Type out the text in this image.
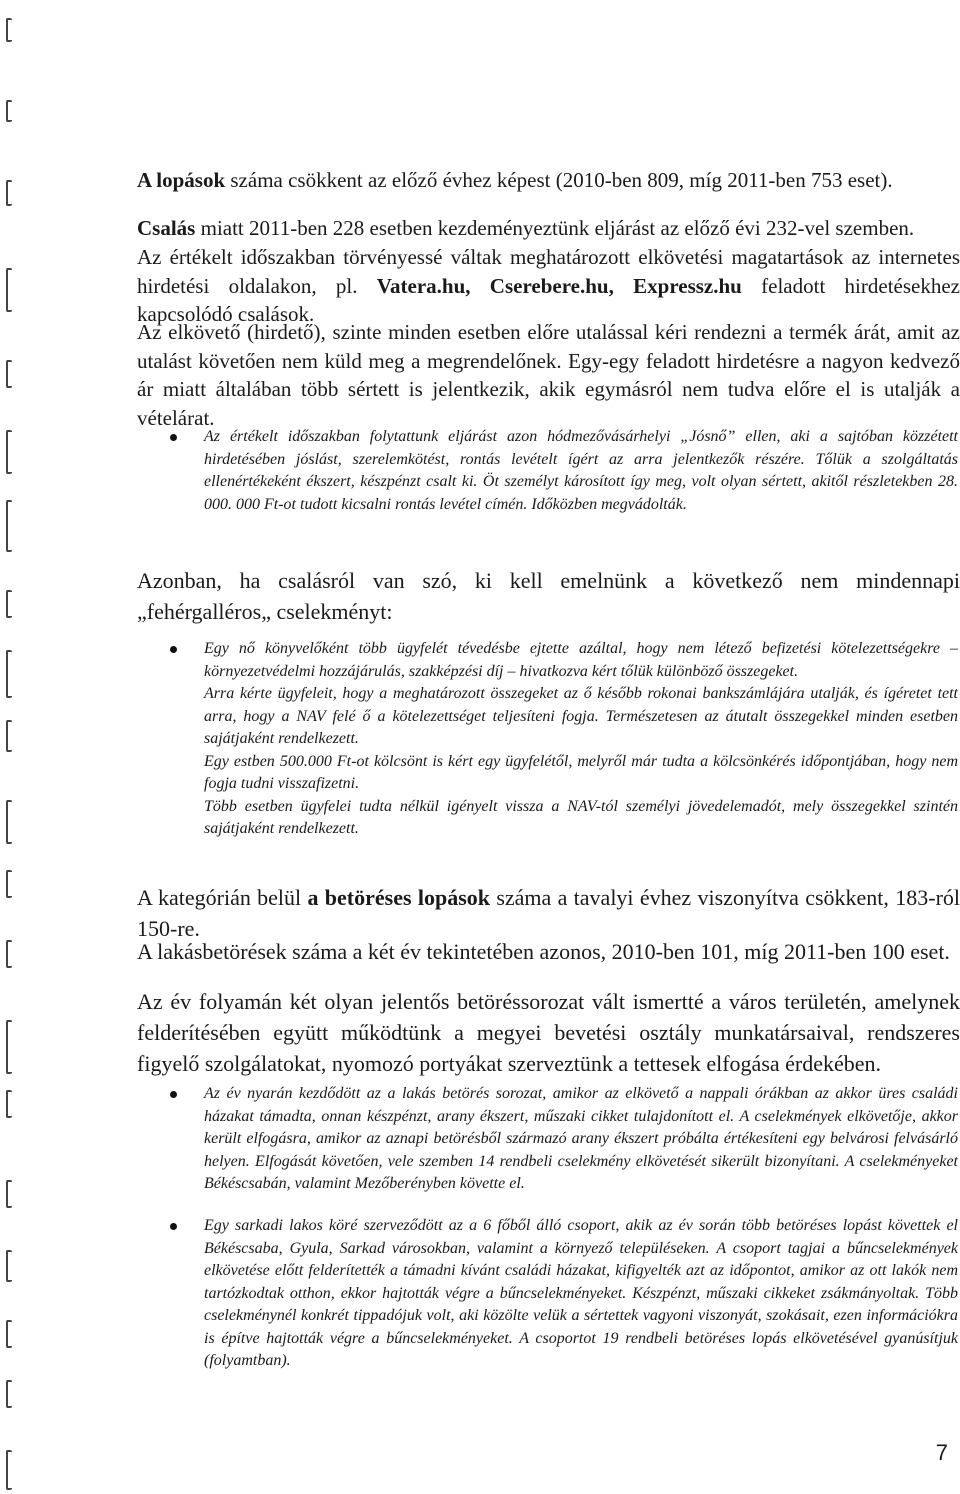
A lopások száma csökkent az előző évhez képest (2010-ben 809, míg 2011-ben 753 eset).

Csalás miatt 2011-ben 228 esetben kezdeményeztünk eljárást az előző évi 232-vel szemben.

Az értékelt időszakban törvényessé váltak meghatározott elkövetési magatartások az internetes hirdetési oldalakon, pl. Vatera.hu, Cserebere.hu, Expressz.hu feladott hirdetésekhez kapcsolódó csalások.

Az elkövető (hirdető), szinte minden esetben előre utalással kéri rendezni a termék árát, amit az utalást követően nem küld meg a megrendelőnek. Egy-egy feladott hirdetésre a nagyon kedvező ár miatt általában több sértett is jelentkezik, akik egymásról nem tudva előre el is utalják a vételárat.

Az értékelt időszakban folytattunk eljárást azon hódmezővásárhelyi „Jósnő” ellen, aki a sajtóban közzétett hirdetésében jóslást, szerelemkötést, rontás levételt ígért az arra jelentkezők részére. Tőlük a szolgáltatás ellenértékeként ékszert, készpénzt csalt ki. Öt személyt károsított így meg, volt olyan sértett, akitől részletekben 28. 000. 000 Ft-ot tudott kicsalni rontás levétel címén. Időközben megvádolták.

Azonban, ha csalásról van szó, ki kell emelnünk a következő nem mindennapi „fehérgalléros„ cselekményt:

Egy nő könyvelőként több ügyfelét tévedésbe ejtette azáltal, hogy nem létező befizetési kötelezettségekre – környezetvédelmi hozzájárulás, szakképzési díj – hivatkozva kért tőlük különböző összegeket.

Arra kérte ügyfeleit, hogy a meghatározott összegeket az ő később rokonai bankszámlájára utalják, és ígéretet tett arra, hogy a NAV felé ő a kötelezettséget teljesíteni fogja. Természetesen az átutalt összegekkel minden esetben sajátjaként rendelkezett.

Egy estben 500.000 Ft-ot kölcsönt is kért egy ügyfelétől, melyről már tudta a kölcsönkérés időpontjában, hogy nem fogja tudni visszafizetni.

Több esetben ügyfelei tudta nélkül igényelt vissza a NAV-tól személyi jövedelemadót, mely összegekkel szintén sajátjaként rendelkezett.

A kategórián belül a betöréses lopások száma a tavalyi évhez viszonyítva csökkent, 183-ról 150-re.

A lakásbetörések száma a két év tekintetében azonos, 2010-ben 101, míg 2011-ben 100 eset.

Az év folyamán két olyan jelentős betöréssorozat vált ismertté a város területén, amelynek felderítésében együtt működtünk a megyei bevetési osztály munkatársaival, rendszeres figyelő szolgálatokat, nyomozó portyákat szerveztünk a tettesek elfogása érdekében.

Az év nyarán kezdődött az a lakás betörés sorozat, amikor az elkövető a nappali órákban az akkor üres családi házakat támadta, onnan készpénzt, arany ékszert, műszaki cikket tulajdonított el. A cselekmények elkövetője, akkor került elfogásra, amikor az aznapi betörésből származó arany ékszert próbálta értékesíteni egy belvárosi felvásárló helyen. Elfogását követően, vele szemben 14 rendbeli cselekmény elkövetését sikerült bizonyítani. A cselekményeket Békéscsabán, valamint Mezőberényben követte el.
Egy sarkadi lakos köré szerveződött az a 6 főből álló csoport, akik az év során több betöréses lopást követtek el Békéscsaba, Gyula, Sarkad városokban, valamint a környező településeken. A csoport tagjai a bűncselekmények elkövetése előtt felderítették a támadni kívánt családi házakat, kifigyelték azt az időpontot, amikor az ott lakók nem tartózkodtak otthon, ekkor hajtották végre a bűncselekményeket. Készpénzt, műszaki cikkeket zsákmányoltak. Több cselekménynél konkrét tippadójuk volt, aki közölte velük a sértettek vagyoni viszonyát, szokásait, ezen információkra is építve hajtották végre a bűncselekményeket. A csoportot 19 rendbeli betöréses lopás elkövetésével gyanúsítjuk (folyamtban).
7
